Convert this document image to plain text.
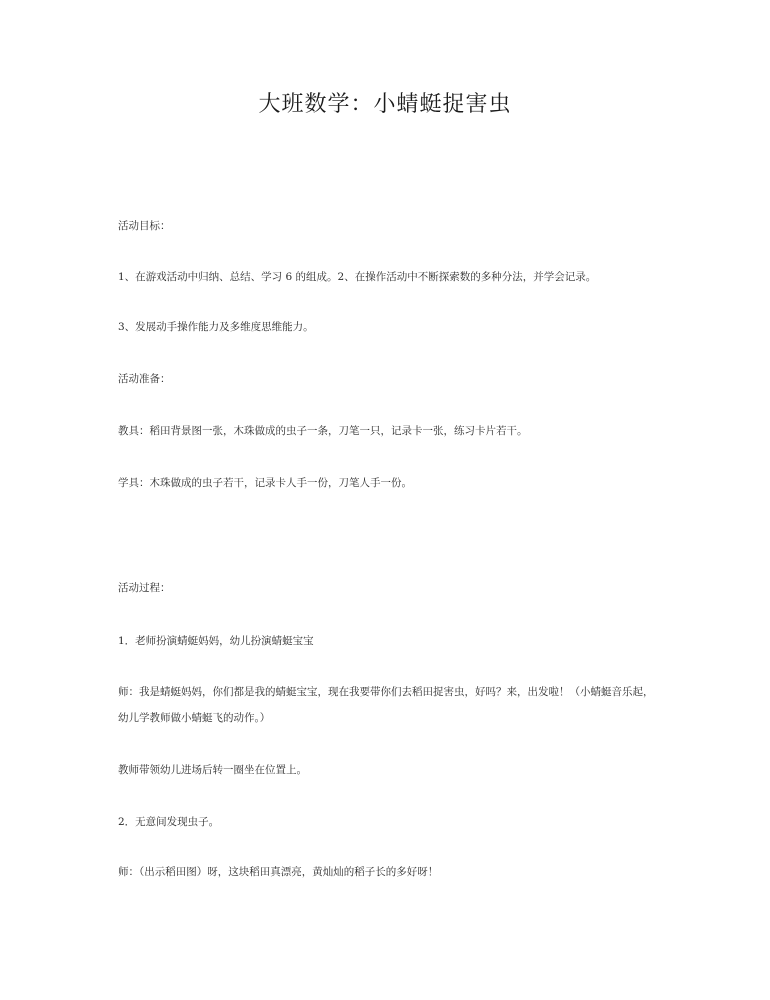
大班数学：小蜻蜓捉害虫
活动目标：
1、在游戏活动中归纳、总结、学习 6 的组成。2、在操作活动中不断探索数的多种分法，并学会记录。
3、发展动手操作能力及多维度思维能力。
活动准备：
教具：稻田背景图一张，木珠做成的虫子一条，刀笔一只，记录卡一张，练习卡片若干。
学具：木珠做成的虫子若干，记录卡人手一份，刀笔人手一份。
活动过程：
1．老师扮演蜻蜓妈妈，幼儿扮演蜻蜓宝宝
师：我是蜻蜓妈妈，你们都是我的蜻蜓宝宝，现在我要带你们去稻田捉害虫，好吗？来，出发啦！（小蜻蜓音乐起，幼儿学教师做小蜻蜓飞的动作。）
教师带领幼儿进场后转一圈坐在位置上。
2．无意间发现虫子。
师：（出示稻田图）呀，这块稻田真漂亮，黄灿灿的稻子长的多好呀！
